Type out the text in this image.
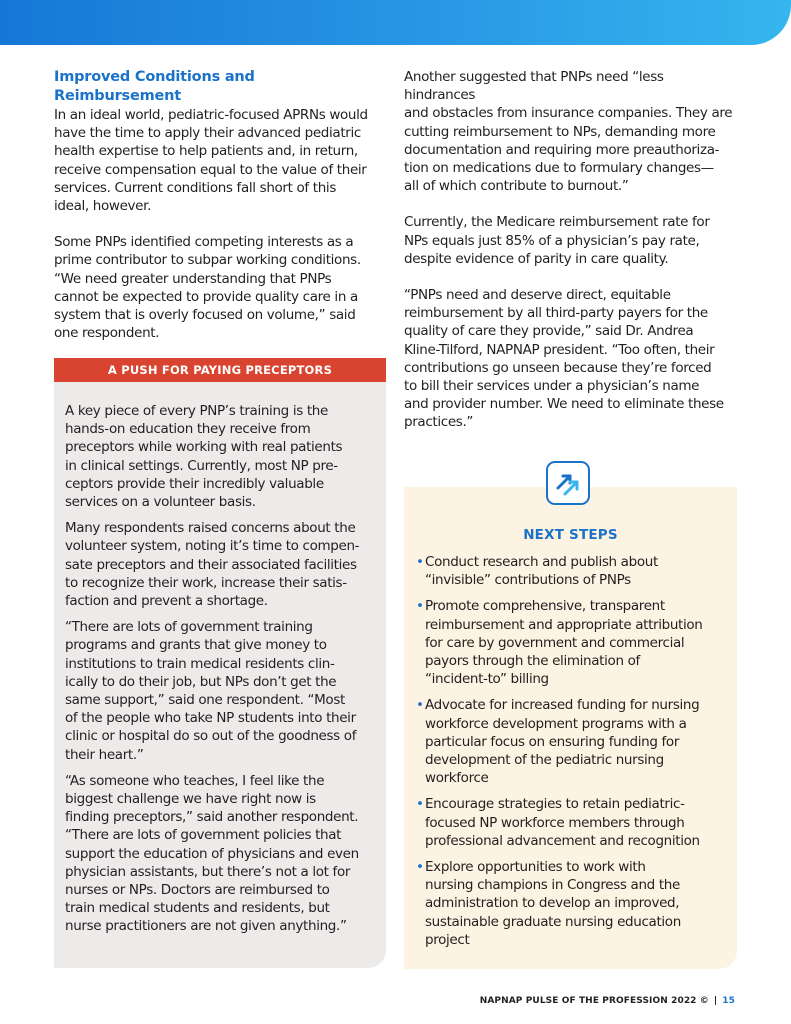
Improved Conditions and Reimbursement

In an ideal world, pediatric-focused APRNs would
have the time to apply their advanced pediatric
health expertise to help patients and, in return,
receive compensation equal to the value of their
services. Current conditions fall short of this
ideal, however.

Some PNPs identified competing interests as a
prime contributor to subpar working conditions.
“We need greater understanding that PNPs
cannot be expected to provide quality care in a
system that is overly focused on volume,” said
one respondent.

A PUSH FOR PAYING PRECEPTORS

A key piece of every PNP’s training is the
hands-on education they receive from
preceptors while working with real patients
in clinical settings. Currently, most NP pre-
ceptors provide their incredibly valuable
services on a volunteer basis.

Many respondents raised concerns about the
volunteer system, noting it’s time to compen-
sate preceptors and their associated facilities
to recognize their work, increase their satis-
faction and prevent a shortage.

“There are lots of government training
programs and grants that give money to
institutions to train medical residents clin-
ically to do their job, but NPs don’t get the
same support,” said one respondent. “Most
of the people who take NP students into their
clinic or hospital do so out of the goodness of
their heart.”

“As someone who teaches, I feel like the
biggest challenge we have right now is
finding preceptors,” said another respondent.
“There are lots of government policies that
support the education of physicians and even
physician assistants, but there’s not a lot for
nurses or NPs. Doctors are reimbursed to
train medical students and residents, but
nurse practitioners are not given anything.”

Another suggested that PNPs need “less hindrances
and obstacles from insurance companies. They are
cutting reimbursement to NPs, demanding more
documentation and requiring more preauthoriza-
tion on medications due to formulary changes—
all of which contribute to burnout.”

Currently, the Medicare reimbursement rate for
NPs equals just 85% of a physician’s pay rate,
despite evidence of parity in care quality.

“PNPs need and deserve direct, equitable
reimbursement by all third-party payers for the
quality of care they provide,” said Dr. Andrea
Kline-Tilford, NAPNAP president. “Too often, their
contributions go unseen because they’re forced
to bill their services under a physician’s name
and provider number. We need to eliminate these
practices.”

NEXT STEPS
• Conduct research and publish about
“invisible” contributions of PNPs

• Promote comprehensive, transparent
reimbursement and appropriate attribution
for care by government and commercial
payors through the elimination of
“incident-to” billing

• Advocate for increased funding for nursing
workforce development programs with a
particular focus on ensuring funding for
development of the pediatric nursing
workforce

• Encourage strategies to retain pediatric-
focused NP workforce members through
professional advancement and recognition

• Explore opportunities to work with
nursing champions in Congress and the
administration to develop an improved,
sustainable graduate nursing education
project

NAPNAP PULSE OF THE PROFESSION 2022 © | 15
